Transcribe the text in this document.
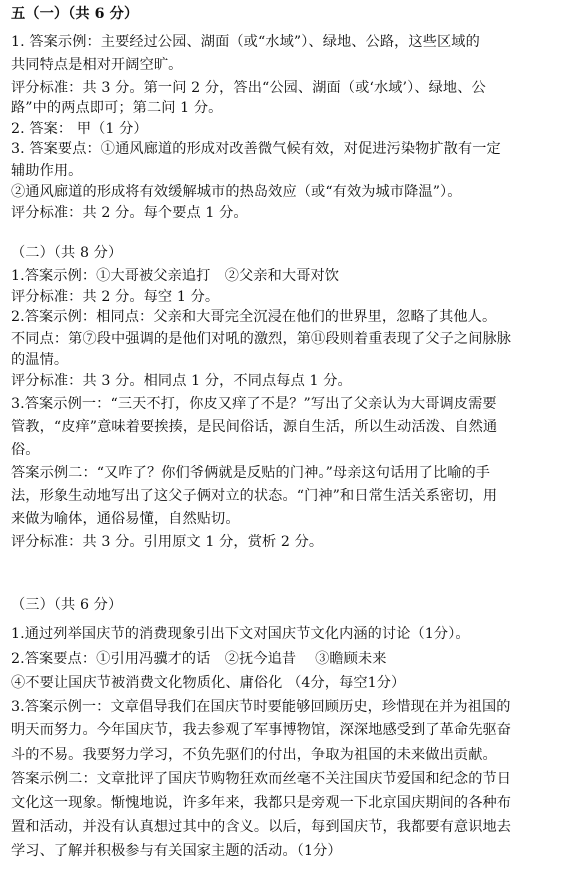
五（一）（共 6 分）
1. 答案示例：主要经过公园、湖面（或“水域”）、绿地、公路，这些区域的
共同特点是相对开阔空旷。
评分标准：共 3 分。第一问 2 分，答出“公园、湖面（或‘水域’）、绿地、公
路”中的两点即可；第二问 1 分。
2. 答案： 甲（1 分）
3. 答案要点：①通风廊道的形成对改善微气候有效，对促进污染物扩散有一定
辅助作用。
②通风廊道的形成将有效缓解城市的热岛效应（或“有效为城市降温”）。
评分标准：共 2 分。每个要点 1 分。
（二）（共 8 分）
1.答案示例：①大哥被父亲追打　②父亲和大哥对饮
评分标准：共 2 分。每空 1 分。
2.答案示例：相同点：父亲和大哥完全沉浸在他们的世界里，忽略了其他人。
不同点：第⑦段中强调的是他们对吼的激烈，第⑪段则着重表现了父子之间脉脉
的温情。
评分标准：共 3 分。相同点 1 分，不同点每点 1 分。
3.答案示例一：“三天不打，你皮又痒了不是？”写出了父亲认为大哥调皮需要
管教，“皮痒”意味着要挨揍，是民间俗话，源自生活，所以生动活泼、自然通
俗。
答案示例二：“又咋了？你们爷俩就是反贴的门神。”母亲这句话用了比喻的手
法，形象生动地写出了这父子俩对立的状态。“门神”和日常生活关系密切，用
来做为喻体，通俗易懂，自然贴切。
评分标准：共 3 分。引用原文 1 分，赏析 2 分。
（三）（共 6 分）
1.通过列举国庆节的消费现象引出下文对国庆节文化内涵的讨论（1分）。
2.答案要点：①引用冯骥才的话　②抚今追昔　 ③瞻顾未来
④不要让国庆节被消费文化物质化、庸俗化 （4分，每空1分）
3.答案示例一：文章倡导我们在国庆节时要能够回顾历史，珍惜现在并为祖国的
明天而努力。今年国庆节，我去参观了军事博物馆，深深地感受到了革命先驱奋
斗的不易。我要努力学习，不负先驱们的付出，争取为祖国的未来做出贡献。
答案示例二：文章批评了国庆节购物狂欢而丝毫不关注国庆节爱国和纪念的节日
文化这一现象。惭愧地说，许多年来，我都只是旁观一下北京国庆期间的各种布
置和活动，并没有认真想过其中的含义。以后，每到国庆节，我都要有意识地去
学习、了解并积极参与有关国家主题的活动。（1分）
